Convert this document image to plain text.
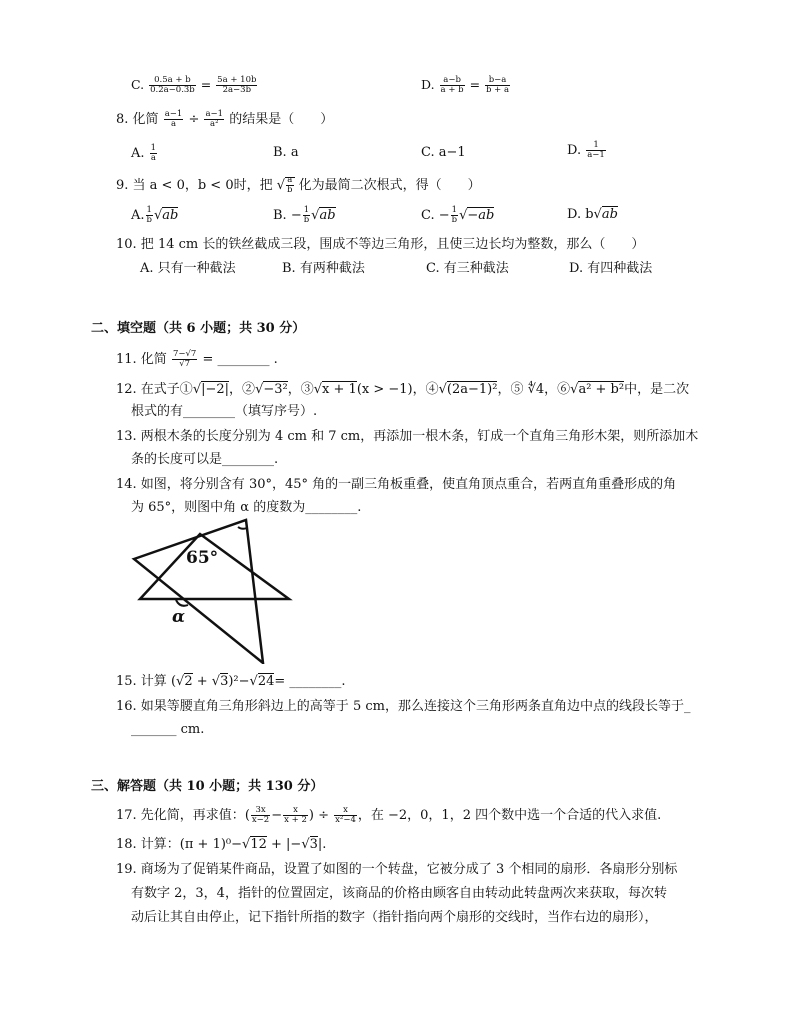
C. $\frac{0.5a + b}{0.2a-0.3b} = \frac{5a + 10b}{2a-3b}$	D. $\frac{a-b}{a + b} = \frac{b-a}{b + a}$
8. 化简 $\frac{a-1}{a} \div \frac{a-1}{\text{a²}}$ 的结果是（　　）
A. $\frac{1}{a}$	B. a	C. a−1	D. $\frac{1}{a-1}$
9. 当 a < 0，b < 0时，把 √ $\frac{a}{b}$ 化为最简二次根式，得（　　）
A. $\frac{1}{b} √ab$	B. − $\frac{1}{b} √ab$	C. − $\frac{1}{b} √-ab$	D. b√ab
10. 把 14 cm 长的铁丝截成三段，围成不等边三角形，且使三边长均为整数，那么（　　）
A. 只有一种截法	B. 有两种截法	C. 有三种截法	D. 有四种截法
二、填空题（共 6 小题；共 30 分）
11. 化简 $\frac{7-√7}{√7}$ = ________ .
12. 在式子①√|−2|，②√−3²，③√x + 1(x > −1)，④√(2a−1)²，⑤ ∜4，⑥√a² + b²中，是二次
根式的有________（填写序号）.
13. 两根木条的长度分别为 4 cm 和 7 cm，再添加一根木条，钉成一个直角三角形木架，则所添加木
条的长度可以是________.
14. 如图，将分别含有 30°，45° 角的一副三角板重叠，使直角顶点重合，若两直角重叠形成的角
为 65°，则图中角 α 的度数为________.
65°
α
15. 计算 (√2 + √3)²−√24= ________.
16. 如果等腰直角三角形斜边上的高等于 5 cm，那么连接这个三角形两条直角边中点的线段长等于_
_______ cm.
三、解答题（共 10 小题；共 130 分）
17. 先化简，再求值：( $\frac{3x}{x-2} - \frac{x}{x + 2}$ ) ÷ $\frac{x}{\text{x²−4}}$ ，在 −2，0，1，2 四个数中选一个合适的代入求值.
18. 计算：(π + 1)⁰−√12 + |−√3|.
19. 商场为了促销某件商品，设置了如图的一个转盘，它被分成了 3 个相同的扇形．各扇形分别标
有数字 2，3，4，指针的位置固定，该商品的价格由顾客自由转动此转盘两次来获取，每次转
动后让其自由停止，记下指针所指的数字（指针指向两个扇形的交线时，当作右边的扇形），
